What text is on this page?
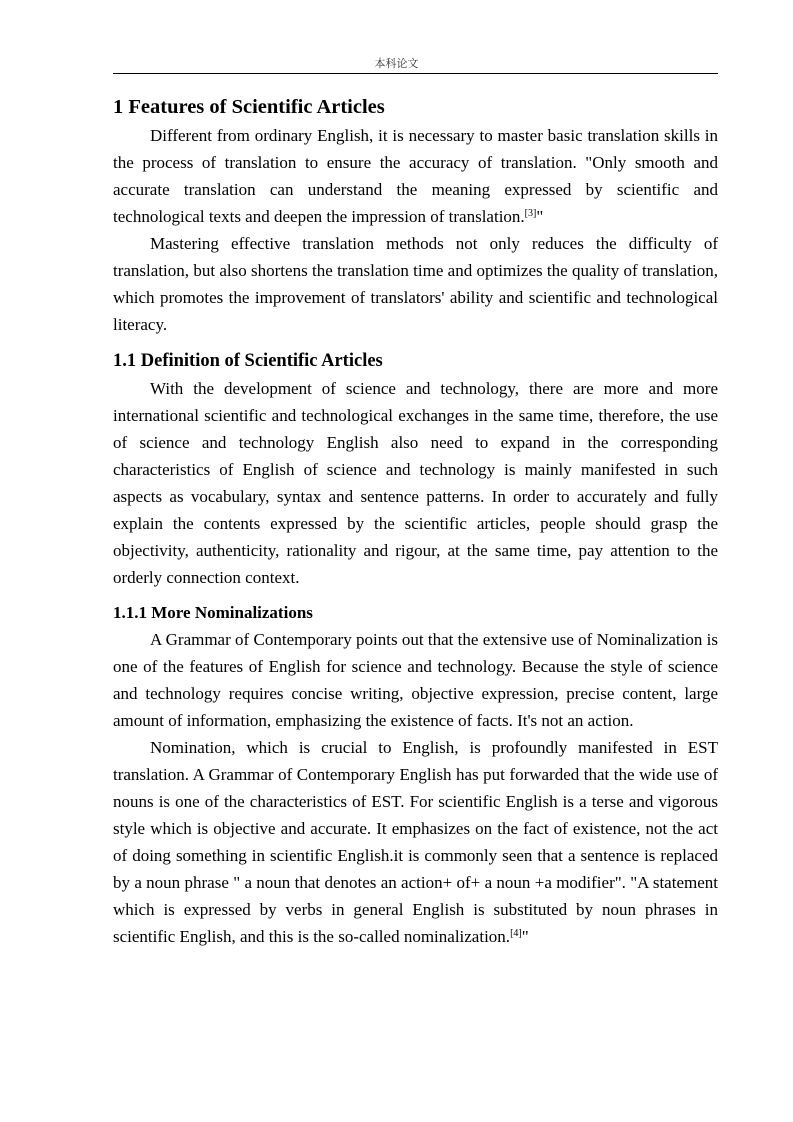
本科论文
1 Features of Scientific Articles

Different from ordinary English, it is necessary to master basic translation skills in the process of translation to ensure the accuracy of translation. "Only smooth and accurate translation can understand the meaning expressed by scientific and technological texts and deepen the impression of translation.[3]"

Mastering effective translation methods not only reduces the difficulty of translation, but also shortens the translation time and optimizes the quality of translation, which promotes the improvement of translators' ability and scientific and technological literacy.

1.1 Definition of Scientific Articles

With the development of science and technology, there are more and more international scientific and technological exchanges in the same time, therefore, the use of science and technology English also need to expand in the corresponding characteristics of English of science and technology is mainly manifested in such aspects as vocabulary, syntax and sentence patterns. In order to accurately and fully explain the contents expressed by the scientific articles, people should grasp the objectivity, authenticity, rationality and rigour, at the same time, pay attention to the orderly connection context.

1.1.1 More Nominalizations

A Grammar of Contemporary points out that the extensive use of Nominalization is one of the features of English for science and technology. Because the style of science and technology requires concise writing, objective expression, precise content, large amount of information, emphasizing the existence of facts. It's not an action.

Nomination, which is crucial to English, is profoundly manifested in EST translation. A Grammar of Contemporary English has put forwarded that the wide use of nouns is one of the characteristics of EST. For scientific English is a terse and vigorous style which is objective and accurate. It emphasizes on the fact of existence, not the act of doing something in scientific English.it is commonly seen that a sentence is replaced by a noun phrase " a noun that denotes an action+ of+ a noun +a modifier". "A statement which is expressed by verbs in general English is substituted by noun phrases in scientific English, and this is the so-called nominalization.[4]"
